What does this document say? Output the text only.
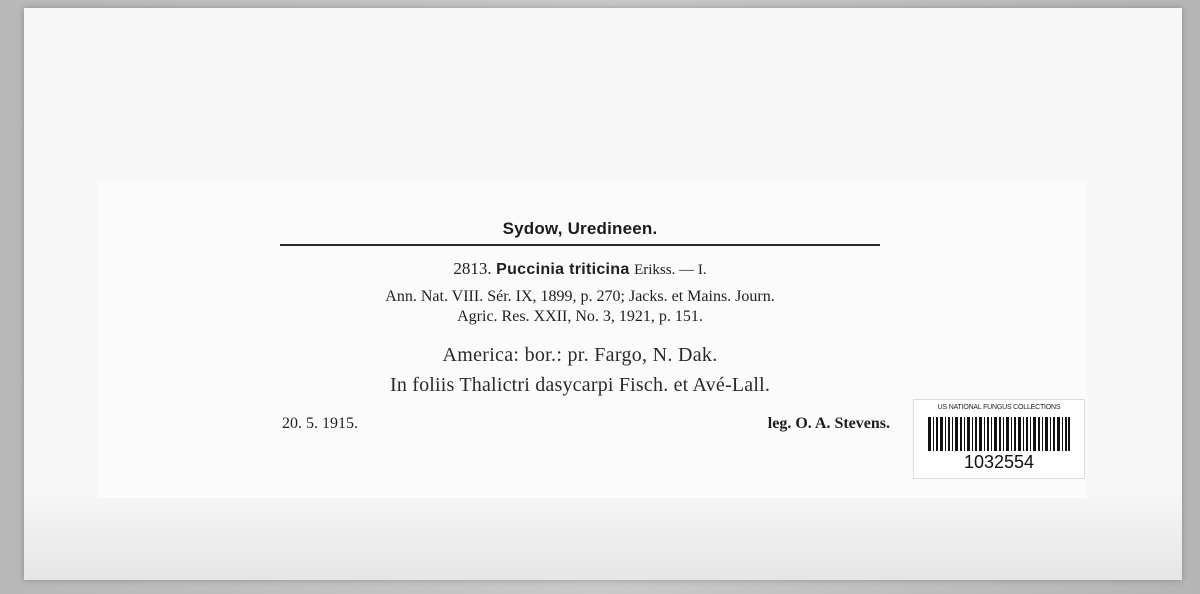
Sydow, Uredineen.
2813. Puccinia triticina Erikss. — I.
Ann. Nat. VIII. Sér. IX, 1899, p. 270; Jacks. et Mains. Journ.
Agric. Res. XXII, No. 3, 1921, p. 151.
America: bor.: pr. Fargo, N. Dak.
In foliis Thalictri dasycarpi Fisch. et Avé-Lall.
20. 5. 1915.	leg. O. A. Stevens.
US NATIONAL FUNGUS COLLECTIONS
1032554
